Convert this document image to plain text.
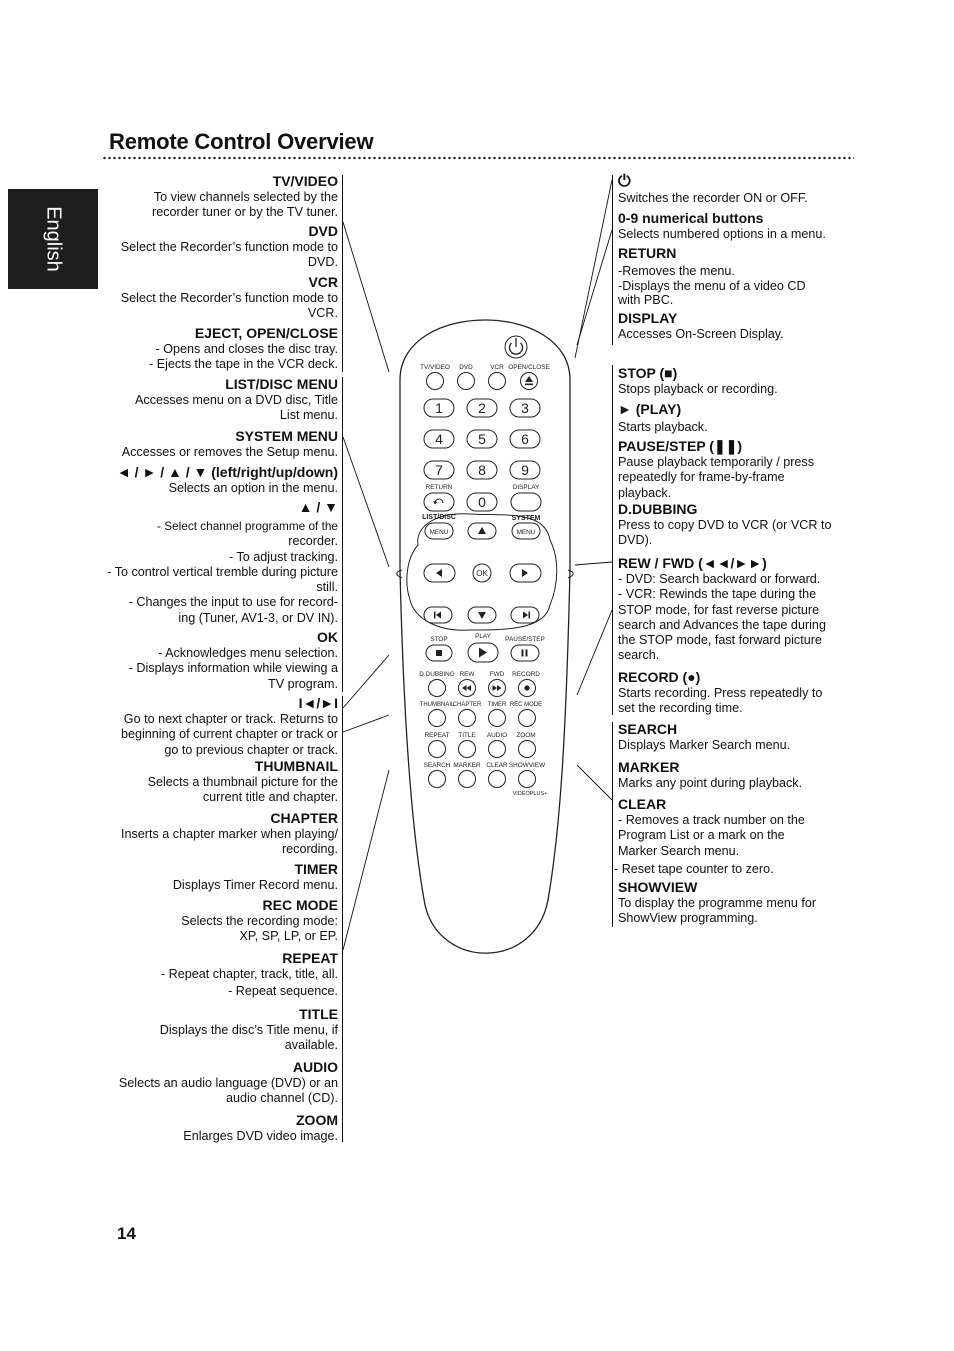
Remote Control Overview
English
14
TV/VIDEO

To view channels selected by the

recorder tuner or by the TV tuner.

DVD

Select the Recorder’s function mode to

DVD.

VCR

Select the Recorder’s function mode to

VCR.

EJECT, OPEN/CLOSE

- Opens and closes the disc tray.

- Ejects the tape in the VCR deck.

LIST/DISC MENU

Accesses menu on a DVD disc, Title

List menu.

SYSTEM MENU

Accesses or removes the Setup menu.

◄ / ► / ▲ / ▼ (left/right/up/down)

Selects an option in the menu.

▲ / ▼

- Select channel programme of the

recorder.

- To adjust tracking.

- To control vertical tremble during picture

still.

- Changes the input to use for record-

ing (Tuner, AV1-3, or DV IN).

OK

- Acknowledges menu selection.

- Displays information while viewing a

TV program.

I◄/►I

Go to next chapter or track. Returns to

beginning of current chapter or track or

go to previous chapter or track.

THUMBNAIL

Selects a thumbnail picture for the

current title and chapter.

CHAPTER

Inserts a chapter marker when playing/

recording.

TIMER

Displays Timer Record menu.

REC MODE

Selects the recording mode:

XP, SP, LP, or EP.

REPEAT

- Repeat chapter, track, title, all.

- Repeat sequence.

TITLE

Displays the disc’s Title menu, if

available.

AUDIO

Selects an audio language (DVD) or an

audio channel (CD).

ZOOM

Enlarges DVD video image.

⏻

Switches the recorder ON or OFF.

0-9 numerical buttons

Selects numbered options in a menu.

RETURN

-Removes the menu.

-Displays the menu of a video CD

with PBC.

DISPLAY

Accesses On-Screen Display.

STOP (■)

Stops playback or recording.

► (PLAY)

Starts playback.

PAUSE/STEP (❚❚)

Pause playback temporarily / press

repeatedly for frame-by-frame

playback.

D.DUBBING

Press to copy DVD to VCR (or VCR to

DVD).

REW / FWD (◄◄/►►)

- DVD: Search backward or forward.

- VCR: Rewinds the tape during the

STOP mode, for fast reverse picture

search and Advances the tape during

the STOP mode, fast forward picture

search.

RECORD (●)

Starts recording. Press repeatedly to

set the recording time.

SEARCH

Displays Marker Search menu.

MARKER

Marks any point during playback.

CLEAR

- Removes a track number on the

Program List or a mark on the

Marker Search menu.

- Reset tape counter to zero.

SHOWVIEW

To display the programme menu for

ShowView programming.

TV/VIDEO DVD	VCR OPEN/CLOSE
1	2	3
4	5	6
7	8	9
0
RETURN	DISPLAY
LIST/DISC	SYSTEM
MENU	MENU
OK
STOP	PLAY PAUSE/STEP
D.DUBBING REW FWD RECORD
THUMBNAIL
CHAPTER TIMER REC MODE
REPEAT TITLE AUDIO ZOOM
SEARCH MARKER CLEAR SHOWVIEW
VIDEOPLUS+
